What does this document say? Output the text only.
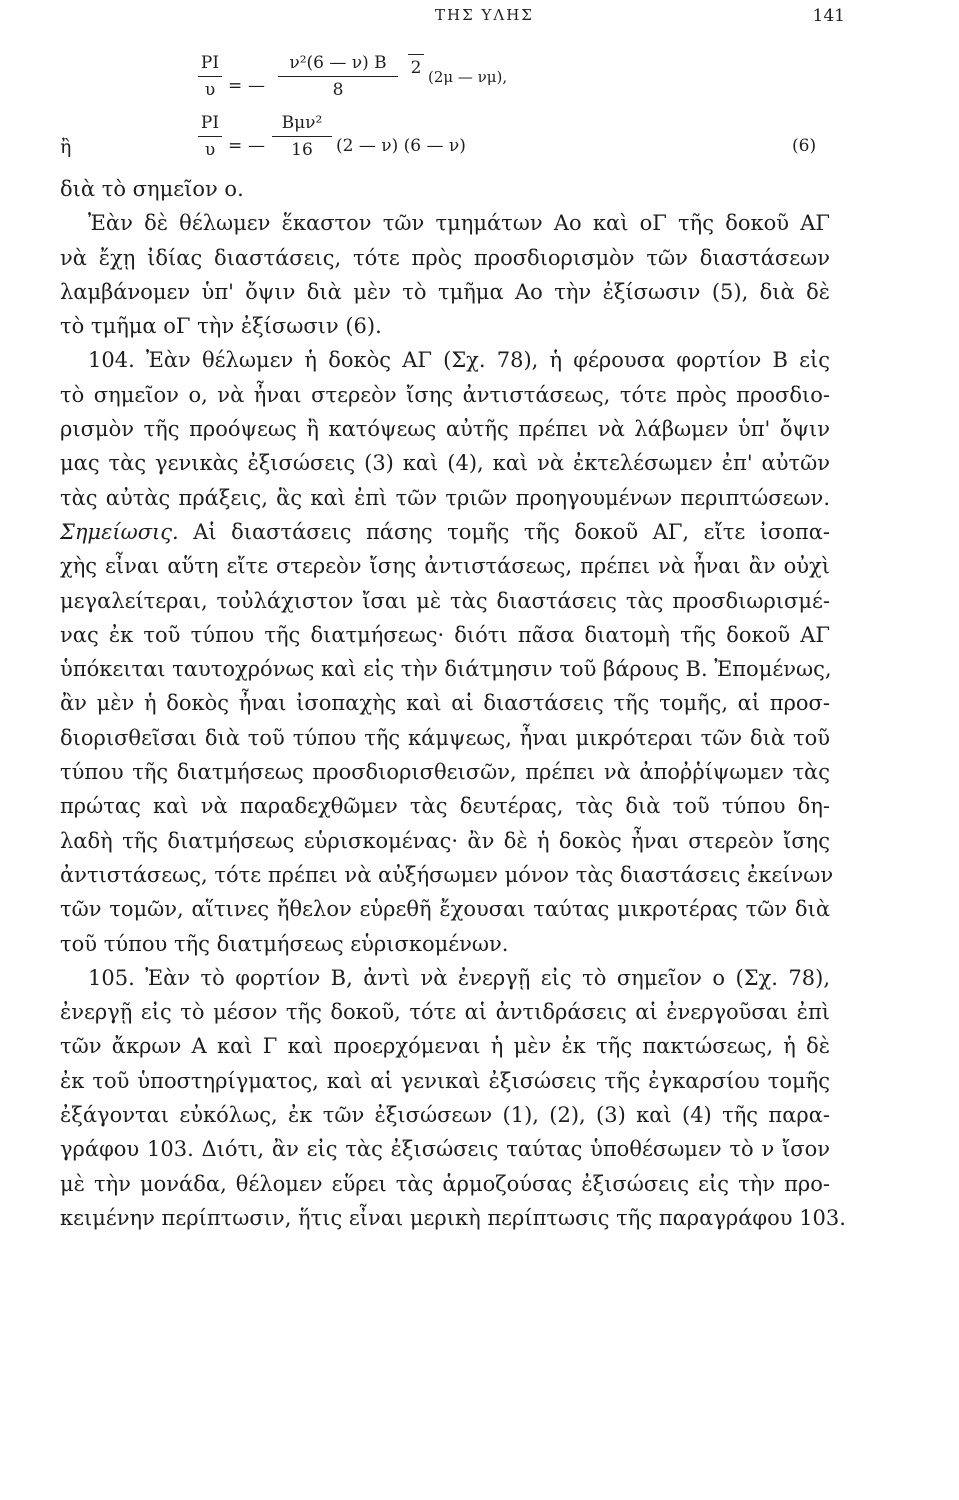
ΤΗΣ ΥΛΗΣ	141
PI
υ = —
ν²(6 — ν) B
8
2 (2μ — νμ),
ἢ
PI
υ = —
Bμν²
16	(2 — ν) (6 — ν)	(6)
διὰ τὸ σημεῖον ο.
Ἐὰν δὲ θέλωμεν ἕκαστον τῶν τμημάτων Ao καὶ oΓ τῆς δοκοῦ AΓ
νὰ ἔχῃ ἰδίας διαστάσεις, τότε πρὸς προσδιορισμὸν τῶν διαστάσεων
λαμβάνομεν ὑπ' ὄψιν διὰ μὲν τὸ τμῆμα Ao τὴν ἐξίσωσιν (5), διὰ δὲ
τὸ τμῆμα oΓ τὴν ἐξίσωσιν (6).
104. Ἐὰν θέλωμεν ἡ δοκὸς AΓ (Σχ. 78), ἡ φέρουσα φορτίον B εἰς
τὸ σημεῖον ο, νὰ ἦναι στερεὸν ἴσης ἀντιστάσεως, τότε πρὸς προσδιο-
ρισμὸν τῆς προόψεως ἢ κατόψεως αὐτῆς πρέπει νὰ λάβωμεν ὑπ' ὄψιν
μας τὰς γενικὰς ἐξισώσεις (3) καὶ (4), καὶ νὰ ἐκτελέσωμεν ἐπ' αὐτῶν
τὰς αὐτὰς πράξεις, ἃς καὶ ἐπὶ τῶν τριῶν προηγουμένων περιπτώσεων.
Σημείωσις. Αἱ διαστάσεις πάσης τομῆς τῆς δοκοῦ AΓ, εἴτε ἰσοπα-
χὴς εἶναι αὕτη εἴτε στερεὸν ἴσης ἀντιστάσεως, πρέπει νὰ ἦναι ἂν οὐχὶ
μεγαλείτεραι, τοὐλάχιστον ἴσαι μὲ τὰς διαστάσεις τὰς προσδιωρισμέ-
νας ἐκ τοῦ τύπου τῆς διατμήσεως· διότι πᾶσα διατομὴ τῆς δοκοῦ AΓ
ὑπόκειται ταυτοχρόνως καὶ εἰς τὴν διάτμησιν τοῦ βάρους B. Ἐπομένως,
ἂν μὲν ἡ δοκὸς ἦναι ἰσοπαχὴς καὶ αἱ διαστάσεις τῆς τομῆς, αἱ προσ-
διορισθεῖσαι διὰ τοῦ τύπου τῆς κάμψεως, ἦναι μικρότεραι τῶν διὰ τοῦ
τύπου τῆς διατμήσεως προσδιορισθεισῶν, πρέπει νὰ ἀποῤῥίψωμεν τὰς
πρώτας καὶ νὰ παραδεχθῶμεν τὰς δευτέρας, τὰς διὰ τοῦ τύπου δη-
λαδὴ τῆς διατμήσεως εὑρισκομένας· ἂν δὲ ἡ δοκὸς ἦναι στερεὸν ἴσης
ἀντιστάσεως, τότε πρέπει νὰ αὐξήσωμεν μόνον τὰς διαστάσεις ἐκείνων
τῶν τομῶν, αἵτινες ἤθελον εὑρεθῆ ἔχουσαι ταύτας μικροτέρας τῶν διὰ
τοῦ τύπου τῆς διατμήσεως εὑρισκομένων.
105. Ἐὰν τὸ φορτίον B, ἀντὶ νὰ ἐνεργῇ εἰς τὸ σημεῖον ο (Σχ. 78),
ἐνεργῇ εἰς τὸ μέσον τῆς δοκοῦ, τότε αἱ ἀντιδράσεις αἱ ἐνεργοῦσαι ἐπὶ
τῶν ἄκρων A καὶ Γ καὶ προερχόμεναι ἡ μὲν ἐκ τῆς πακτώσεως, ἡ δὲ
ἐκ τοῦ ὑποστηρίγματος, καὶ αἱ γενικαὶ ἐξισώσεις τῆς ἐγκαρσίου τομῆς
ἐξάγονται εὐκόλως, ἐκ τῶν ἐξισώσεων (1), (2), (3) καὶ (4) τῆς παρα-
γράφου 103. Διότι, ἂν εἰς τὰς ἐξισώσεις ταύτας ὑποθέσωμεν τὸ ν ἴσον
μὲ τὴν μονάδα, θέλομεν εὕρει τὰς ἁρμοζούσας ἐξισώσεις εἰς τὴν προ-
κειμένην περίπτωσιν, ἥτις εἶναι μερικὴ περίπτωσις τῆς παραγράφου 103.
